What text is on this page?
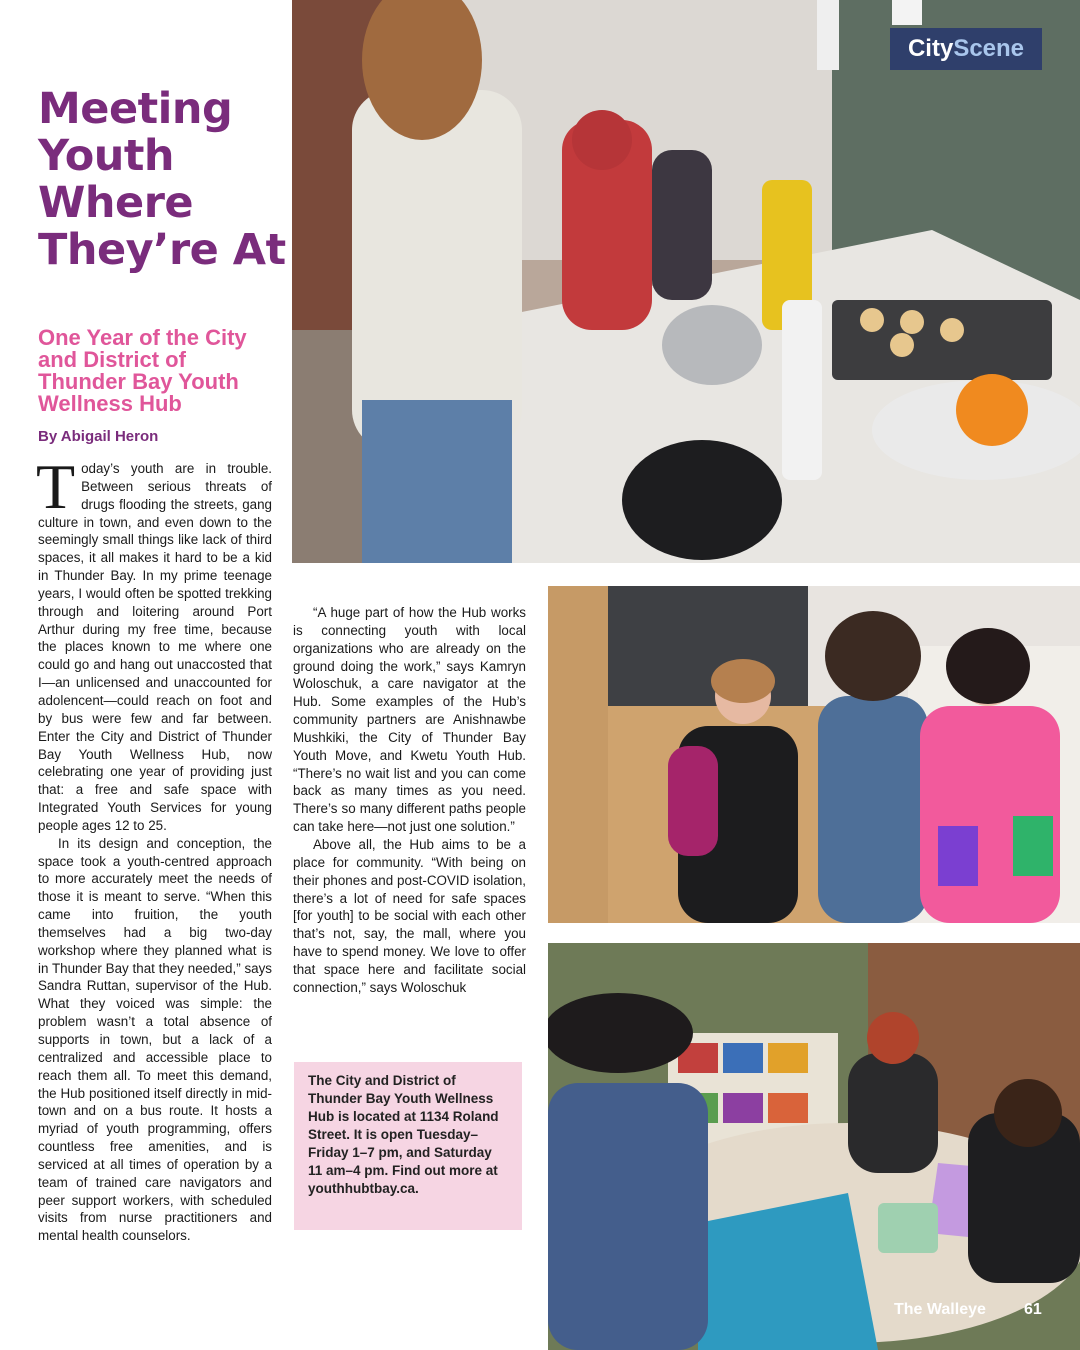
CityScene
Meeting Youth Where They’re At
One Year of the City and District of Thunder Bay Youth Wellness Hub
By Abigail Heron

Today’s youth are in trouble. Between serious threats of drugs flooding the streets, gang culture in town, and even down to the seemingly small things like lack of third spaces, it all makes it hard to be a kid in Thunder Bay. In my prime teenage years, I would often be spotted trekking through and loitering around Port Arthur during my free time, because the places known to me where one could go and hang out unaccosted that I—an unlicensed and unaccounted for adolencent—could reach on foot and by bus were few and far between. Enter the City and District of Thunder Bay Youth Wellness Hub, now celebrating one year of providing just that: a free and safe space with Integrated Youth Services for young people ages 12 to 25.

In its design and conception, the space took a youth-centred approach to more accurately meet the needs of those it is meant to serve. “When this came into fruition, the youth themselves had a big two-day workshop where they planned what is in Thunder Bay that they needed,” says Sandra Ruttan, supervisor of the Hub. What they voiced was simple: the problem wasn’t a total absence of supports in town, but a lack of a centralized and accessible place to reach them all. To meet this demand, the Hub positioned itself directly in mid-town and on a bus route. It hosts a myriad of youth programming, offers countless free amenities, and is serviced at all times of operation by a team of trained care navigators and peer support workers, with scheduled visits from nurse practitioners and mental health counselors.

“A huge part of how the Hub works is connecting youth with local organizations who are already on the ground doing the work,” says Kamryn Woloschuk, a care navigator at the Hub. Some examples of the Hub’s community partners are Anishnawbe Mushkiki, the City of Thunder Bay Youth Move, and Kwetu Youth Hub. “There’s no wait list and you can come back as many times as you need. There’s so many different paths people can take here—not just one solution.”

Above all, the Hub aims to be a place for community. “With being on their phones and post-COVID isolation, there’s a lot of need for safe spaces [for youth] to be social with each other that’s not, say, the mall, where you have to spend money. We love to offer that space here and facilitate social connection,” says Woloschuk

The City and District of Thunder Bay Youth Wellness Hub is located at 1134 Roland Street. It is open Tuesday–Friday 1–7 pm, and Saturday 11 am–4 pm. Find out more at youthhubtbay.ca.
The Walleye	61
